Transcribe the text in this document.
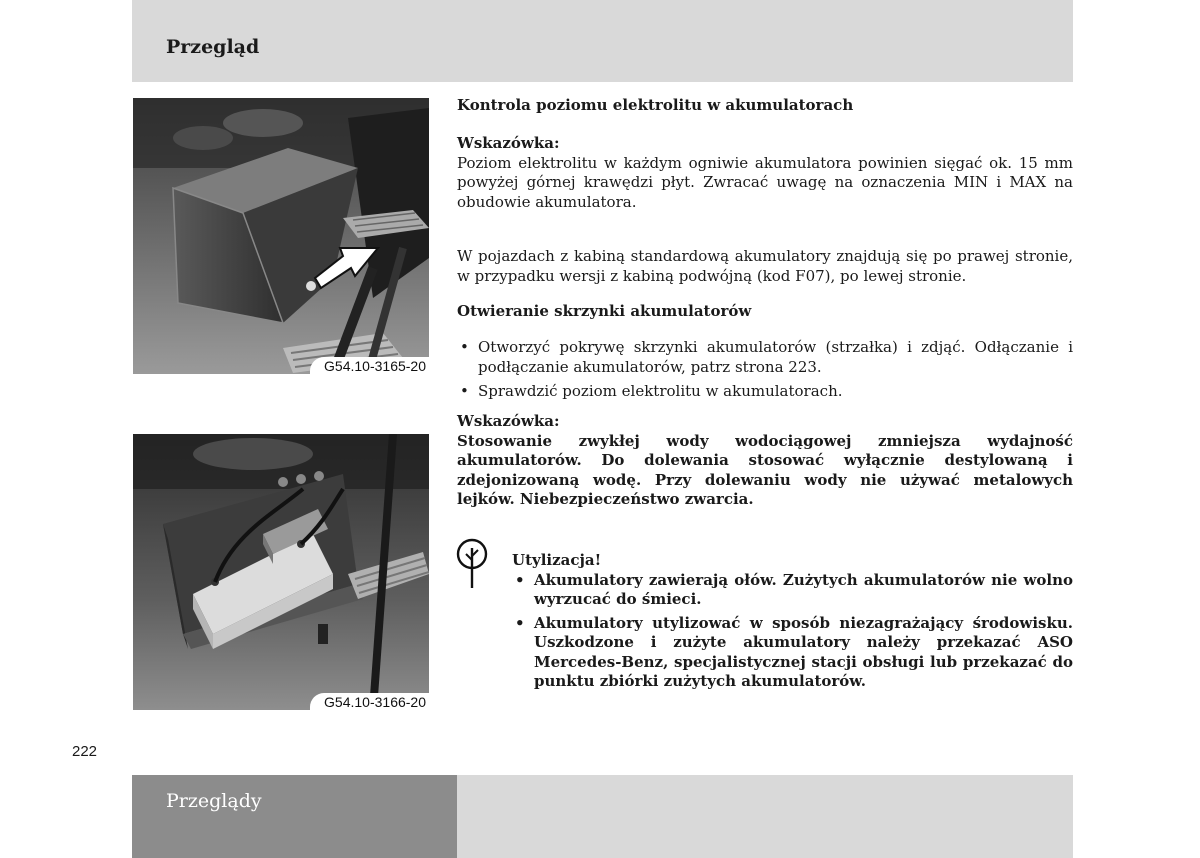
Przegląd
G54.10-3165-20
G54.10-3166-20
Kontrola poziomu elektrolitu w akumulatorach
Wskazówka:
Poziom elektrolitu w każdym ogniwie akumulatora powinien sięgać ok. 15 mm powyżej górnej krawędzi płyt. Zwracać uwagę na oznaczenia MIN i MAX na obudowie akumulatora.
W pojazdach z kabiną standardową akumulatory znajdują się po prawej stronie, w przypadku wersji z kabiną podwójną (kod F07), po lewej stronie.
Otwieranie skrzynki akumulatorów
• Otworzyć pokrywę skrzynki akumulatorów (strzałka) i zdjąć. Odłączanie i podłączanie akumulatorów, patrz strona 223.
• Sprawdzić poziom elektrolitu w akumulatorach.
Wskazówka:
Stosowanie zwykłej wody wodociągowej zmniejsza wydajność akumulatorów. Do dolewania stosować wyłącznie destylowaną i zdejonizowaną wodę. Przy dolewaniu wody nie używać metalowych lejków. Niebezpieczeństwo zwarcia.
Utylizacja!
• Akumulatory zawierają ołów. Zużytych akumulatorów nie wolno wyrzucać do śmieci.
• Akumulatory utylizować w sposób niezagrażający środowisku. Uszkodzone i zużyte akumulatory należy przekazać ASO Mercedes-Benz, specjalistycznej stacji obsługi lub przekazać do punktu zbiórki zużytych akumulatorów.
222
Przeglądy
